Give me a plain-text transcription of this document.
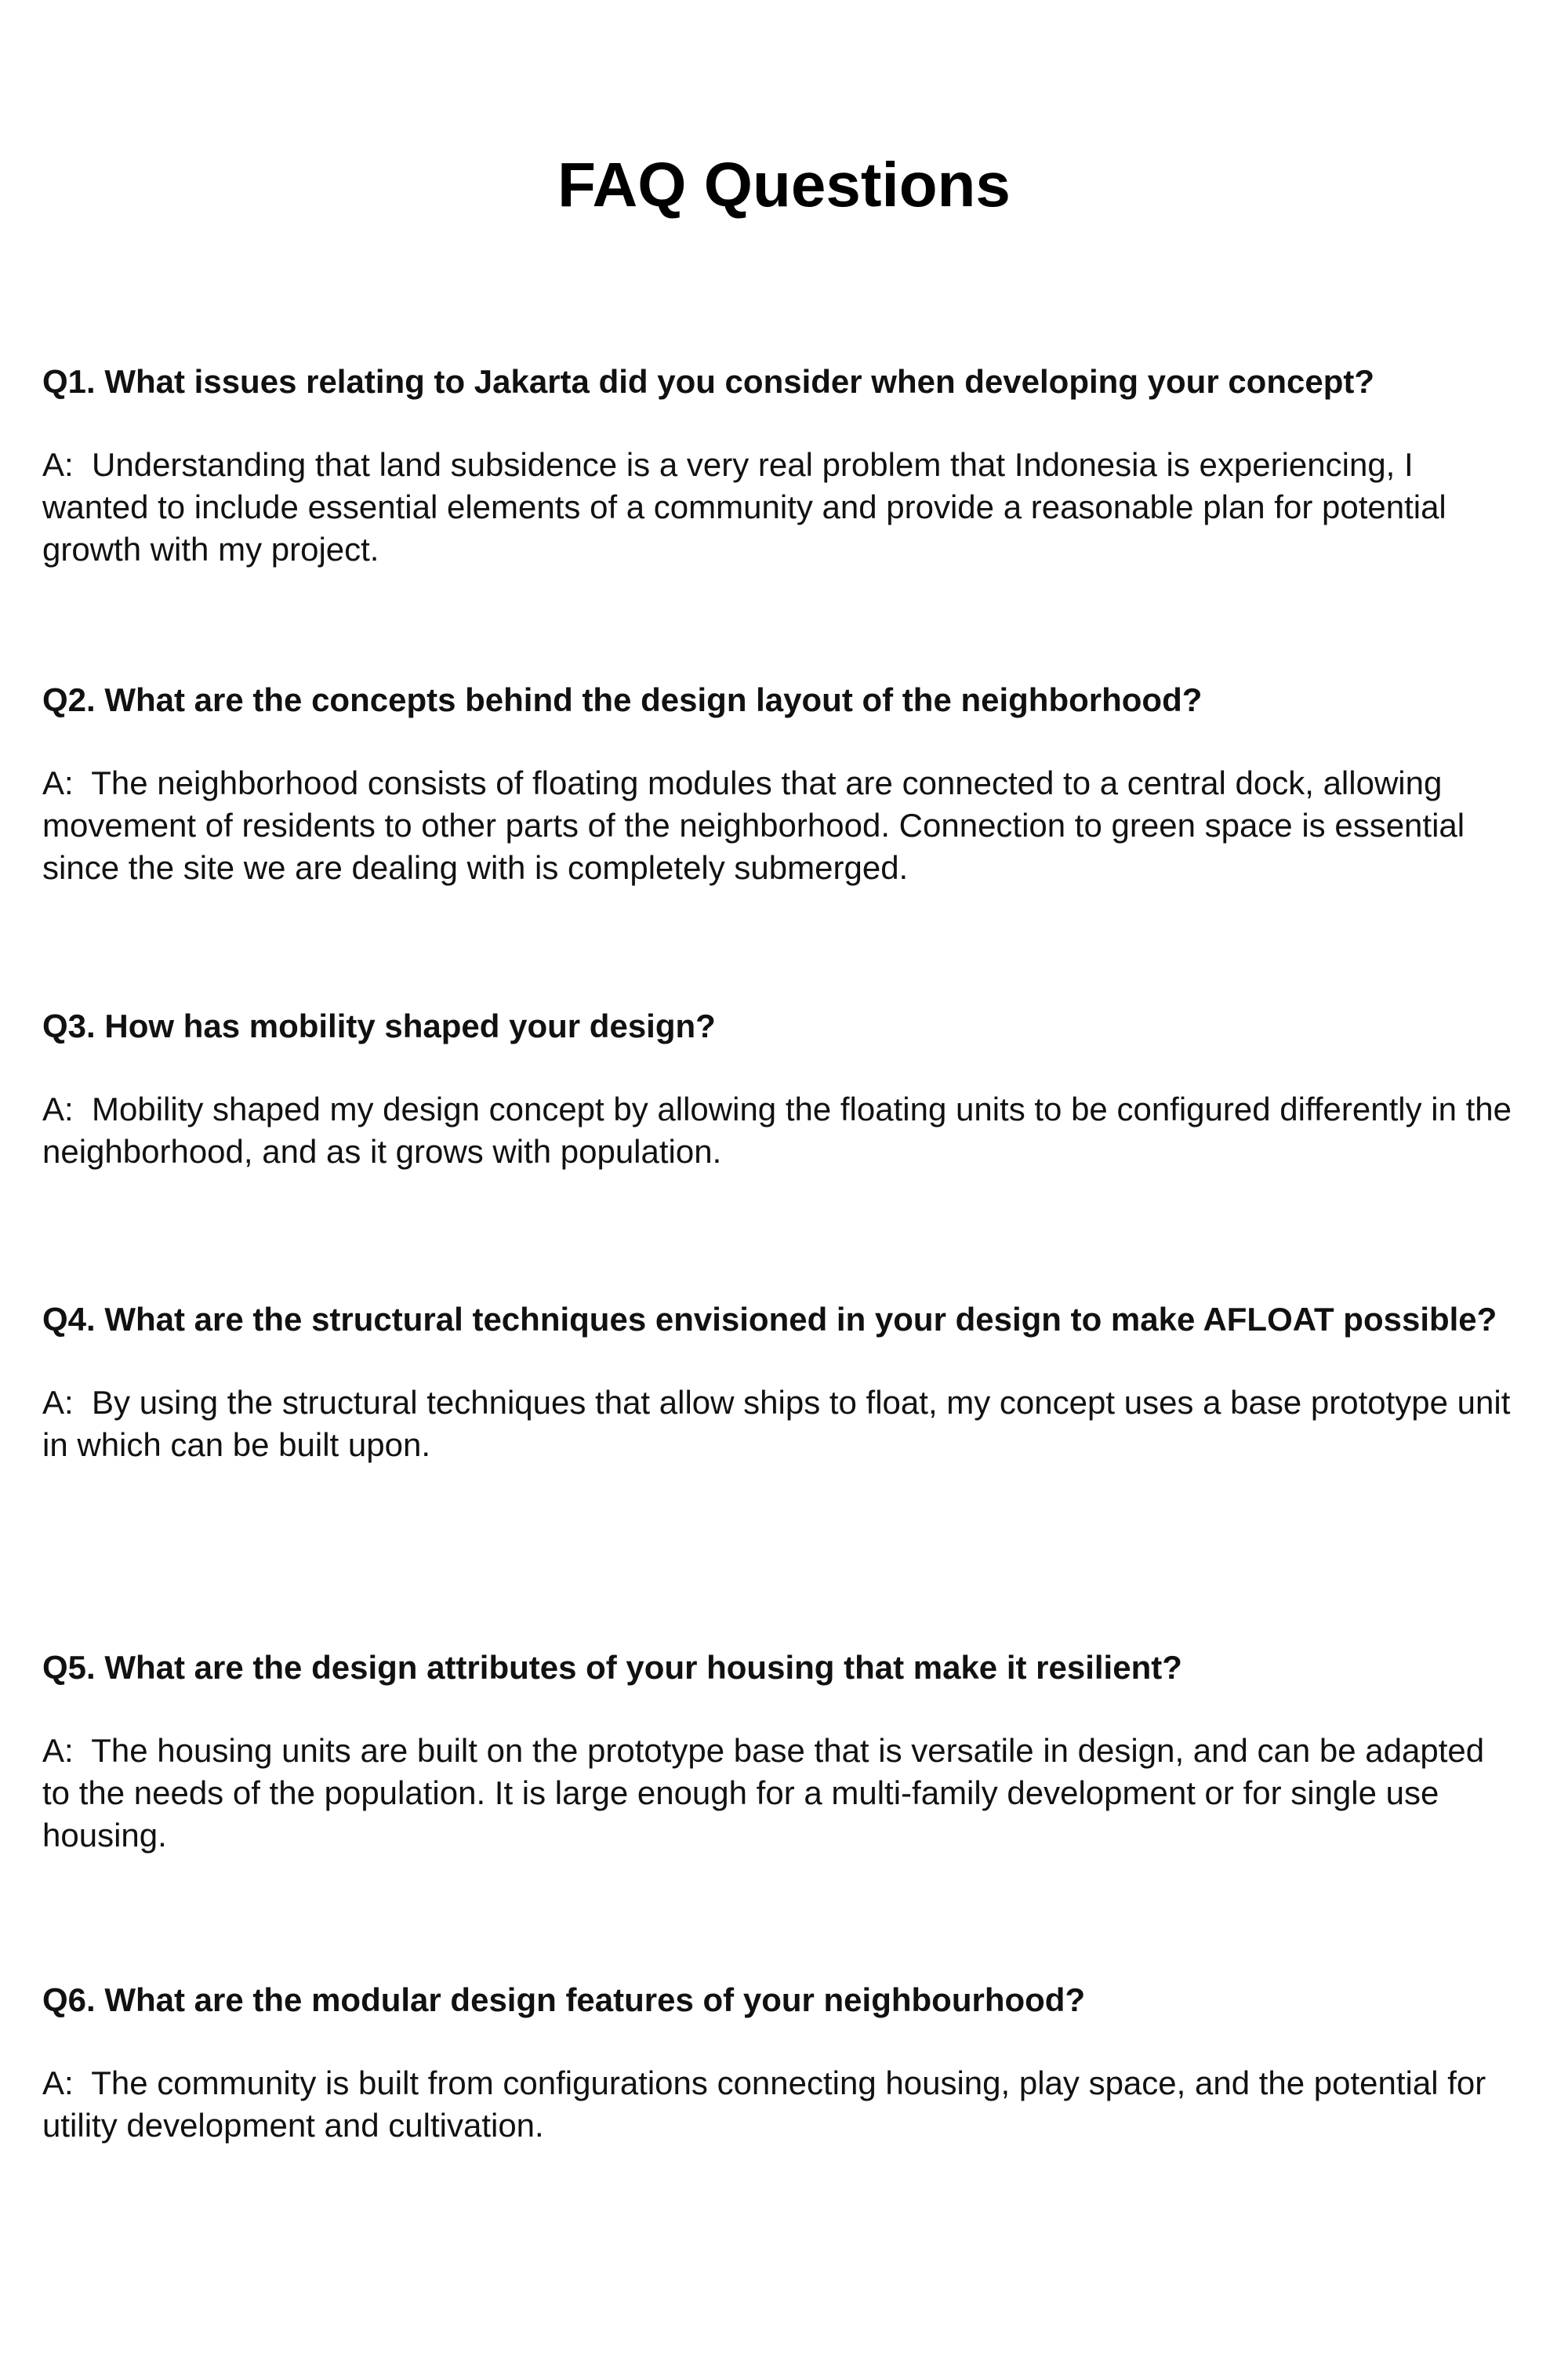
FAQ Questions

Q1. What issues relating to Jakarta did you consider when developing your concept?

A:  Understanding that land subsidence is a very real problem that Indonesia is experiencing, I wanted to include essential elements of a community and provide a reasonable plan for potential growth with my project.

Q2. What are the concepts behind the design layout of the neighborhood?

A:  The neighborhood consists of floating modules that are connected to a central dock, allowing movement of residents to other parts of the neighborhood. Connection to green space is essential since the site we are dealing with is completely submerged.

Q3. How has mobility shaped your design?

A:  Mobility shaped my design concept by allowing the floating units to be configured differently in the neighborhood, and as it grows with population.

Q4. What are the structural techniques envisioned in your design to make AFLOAT possible?

A:  By using the structural techniques that allow ships to float, my concept uses a base prototype unit in which can be built upon.

Q5. What are the design attributes of your housing that make it resilient?

A:  The housing units are built on the prototype base that is versatile in design, and can be adapted to the needs of the population. It is large enough for a multi-family development or for single use housing.

Q6. What are the modular design features of your neighbourhood?

A:  The community is built from configurations connecting housing, play space, and the potential for utility development and cultivation.
